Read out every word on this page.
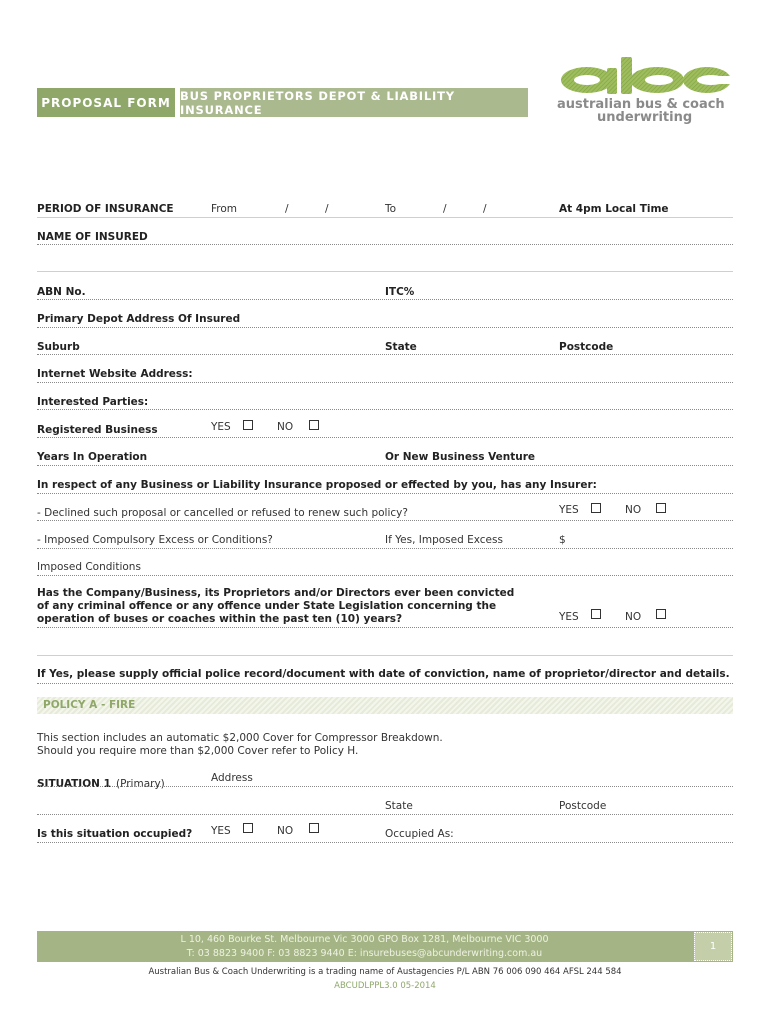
PROPOSAL FORM BUS PROPRIETORS DEPOT & LIABILITY INSURANCE
abc
australian bus & coach
underwriting
PERIOD OF INSURANCE	From	/	/	To	/	/	At 4pm Local Time
NAME OF INSURED
ABN No.	ITC%
Primary Depot Address Of Insured
Suburb	State	Postcode
Internet Website Address:
Interested Parties:
Registered Business	YES	NO
Years In Operation	Or New Business Venture
In respect of any Business or Liability Insurance proposed or effected by you, has any Insurer:
- Declined such proposal or cancelled or refused to renew such policy?	YES	NO
- Imposed Compulsory Excess or Conditions?	If Yes, Imposed Excess	$
Imposed Conditions
Has the Company/Business, its Proprietors and/or Directors ever been convicted
of any criminal offence or any offence under State Legislation concerning the
operation of buses or coaches within the past ten (10) years?	YES	NO
If Yes, please supply official police record/document with date of conviction, name of proprietor/director and details.
POLICY A - FIRE
This section includes an automatic $2,000 Cover for Compressor Breakdown.
Should you require more than $2,000 Cover refer to Policy H.
SITUATION 1 (Primary)	Address
State	Postcode
Is this situation occupied? YES	NO	Occupied As:
L 10, 460 Bourke St. Melbourne Vic 3000 GPO Box 1281, Melbourne VIC 3000
T: 03 8823 9400 F: 03 8823 9440 E: insurebuses@abcunderwriting.com.au
1
Australian Bus & Coach Underwriting is a trading name of Austagencies P/L ABN 76 006 090 464 AFSL 244 584
ABCUDLPPL3.0 05-2014
